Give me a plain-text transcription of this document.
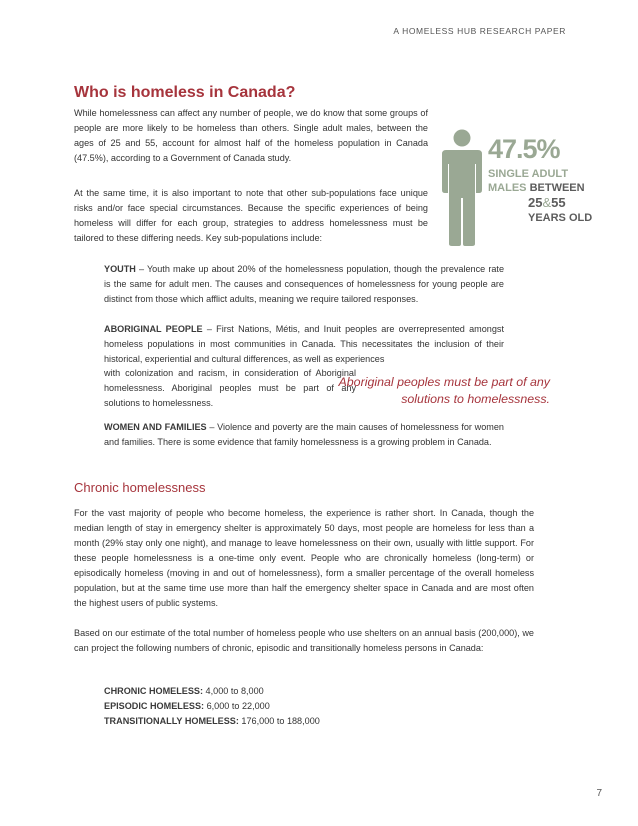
A HOMELESS HUB RESEARCH PAPER
Who is homeless in Canada?

While homelessness can affect any number of people, we do know that some groups of people are more likely to be homeless than others. Single adult males, between the ages of 25 and 55, account for almost half of the homeless population in Canada (47.5%), according to a Government of Canada study.

At the same time, it is also important to note that other sub-populations face unique risks and/or face special circumstances. Because the specific experiences of being homeless will differ for each group, strategies to address homelessness must be tailored to these differing needs. Key sub-populations include:

47.5%
SINGLE ADULT
MALES BETWEEN
25&55
YEARS OLD
YOUTH – Youth make up about 20% of the homelessness population, though the prevalence rate is the same for adult men. The causes and consequences of homelessness for young people are distinct from those which afflict adults, meaning we require tailored responses.
ABORIGINAL PEOPLE – First Nations, Métis, and Inuit peoples are overrepresented amongst homeless populations in most communities in Canada. This necessitates the inclusion of their historical, experiential and cultural differences, as well as experiences
with colonization and racism, in consideration of Aboriginal homelessness. Aboriginal peoples must be part of any solutions to homelessness.
Aboriginal peoples must be part of any solutions to homelessness.
WOMEN AND FAMILIES – Violence and poverty are the main causes of homelessness for women and families. There is some evidence that family homelessness is a growing problem in Canada.
Chronic homelessness

For the vast majority of people who become homeless, the experience is rather short. In Canada, though the median length of stay in emergency shelter is approximately 50 days, most people are homeless for less than a month (29% stay only one night), and manage to leave homelessness on their own, usually with little support. For these people homelessness is a one-time only event. People who are chronically homeless (long-term) or episodically homeless (moving in and out of homelessness), form a smaller percentage of the overall homeless population, but at the same time use more than half the emergency shelter space in Canada and are most often the highest users of public systems.

Based on our estimate of the total number of homeless people who use shelters on an annual basis (200,000), we can project the following numbers of chronic, episodic and transitionally homeless persons in Canada:

CHRONIC HOMELESS: 4,000 to 8,000
EPISODIC HOMELESS: 6,000 to 22,000
TRANSITIONALLY HOMELESS: 176,000 to 188,000
7
